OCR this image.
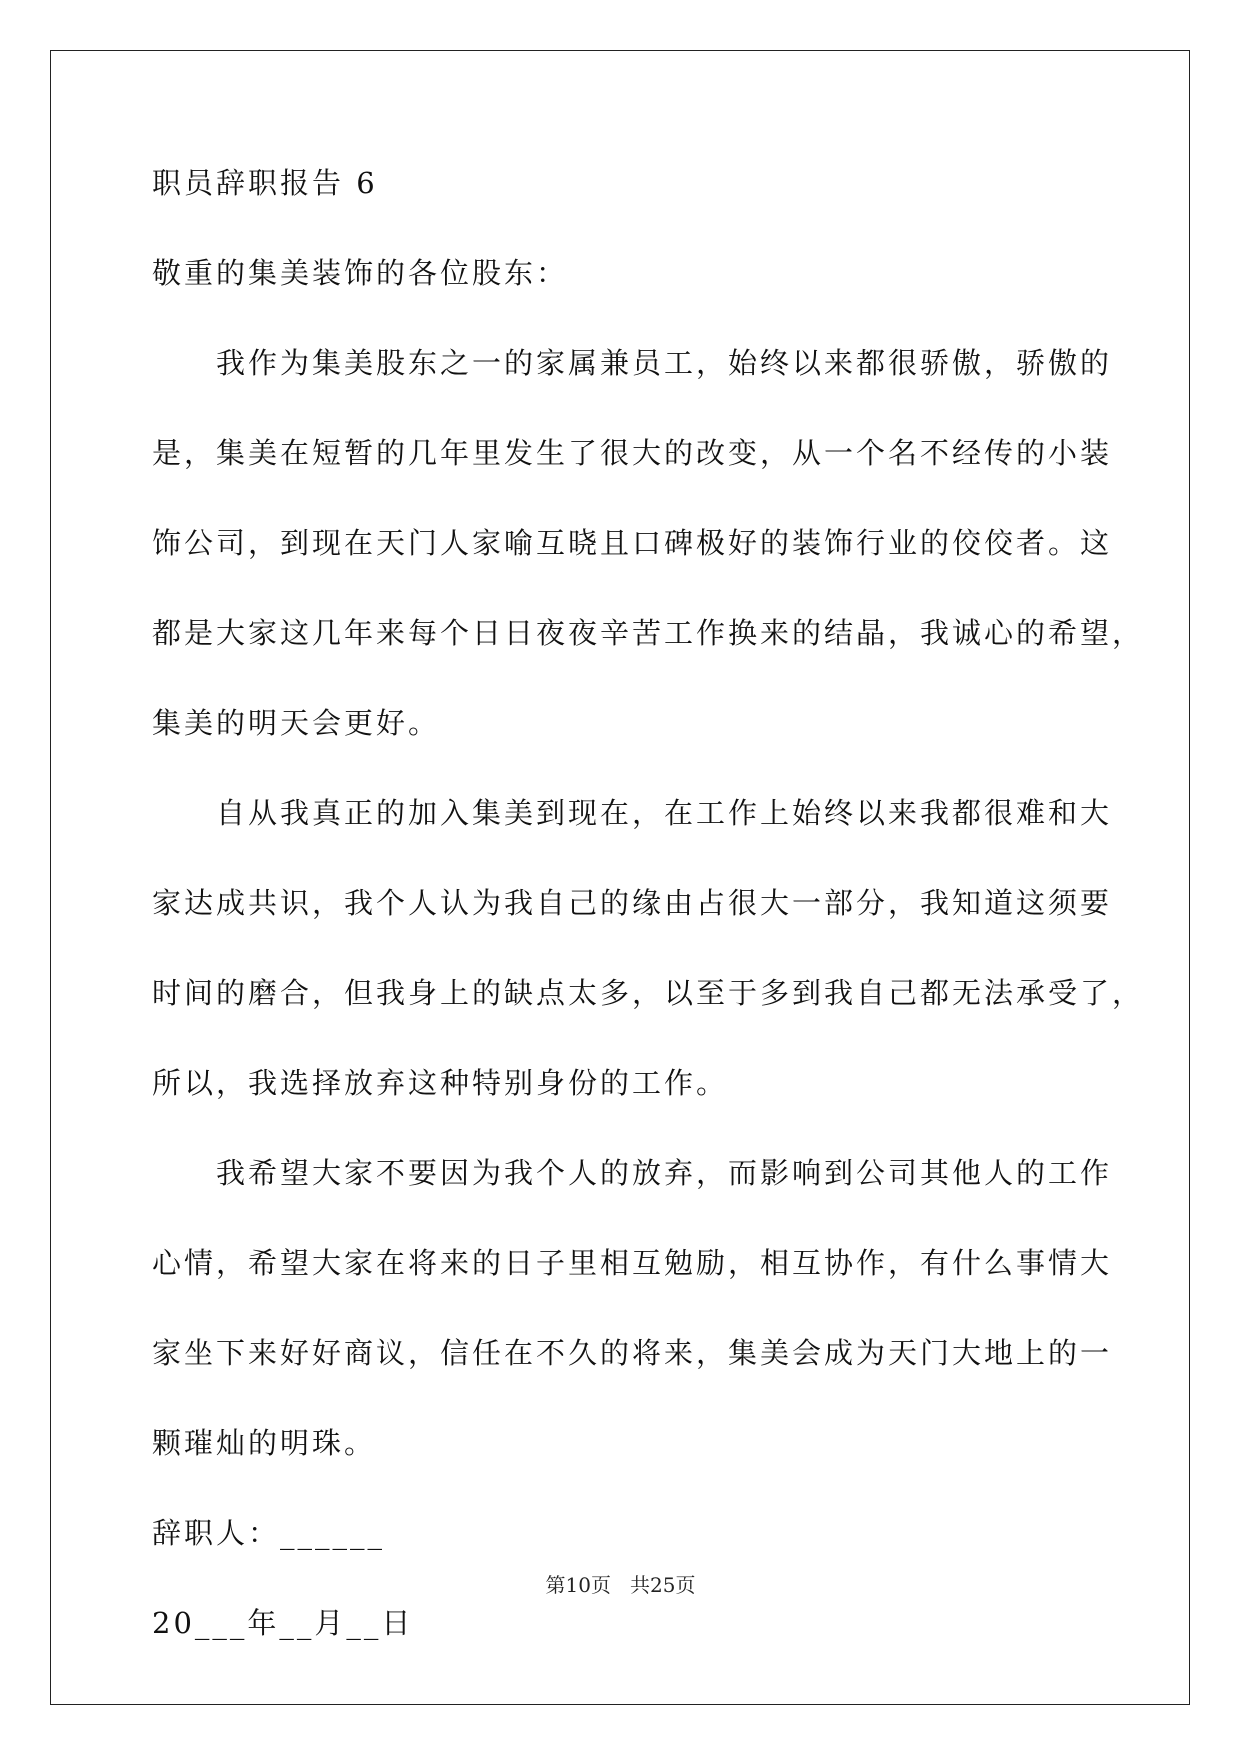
职员辞职报告 6
敬重的集美装饰的各位股东：
我作为集美股东之一的家属兼员工，始终以来都很骄傲，骄傲的
是，集美在短暂的几年里发生了很大的改变，从一个名不经传的小装
饰公司，到现在天门人家喻互晓且口碑极好的装饰行业的佼佼者。这
都是大家这几年来每个日日夜夜辛苦工作换来的结晶，我诚心的希望，
集美的明天会更好。
自从我真正的加入集美到现在，在工作上始终以来我都很难和大
家达成共识，我个人认为我自己的缘由占很大一部分，我知道这须要
时间的磨合，但我身上的缺点太多，以至于多到我自己都无法承受了，
所以，我选择放弃这种特别身份的工作。
我希望大家不要因为我个人的放弃，而影响到公司其他人的工作
心情，希望大家在将来的日子里相互勉励，相互协作，有什么事情大
家坐下来好好商议，信任在不久的将来，集美会成为天门大地上的一
颗璀灿的明珠。
辞职人：______
20___年__月__日
第10页   共25页
